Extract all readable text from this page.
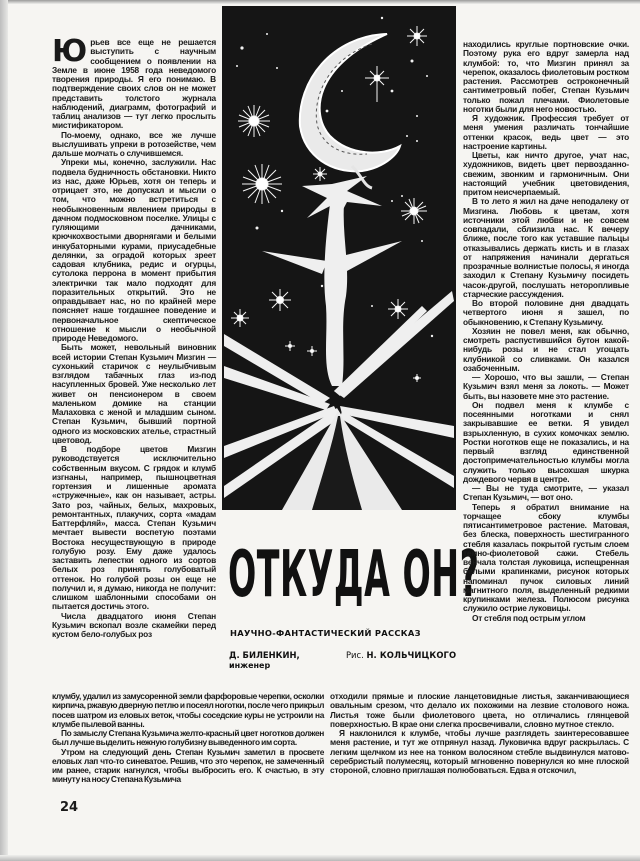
Юрьев все еще не решается выступить с научным сообщением о появлении на Земле в июне 1958 года неведомого творения природы. Я его понимаю. В подтверждение своих слов он не может представить толстого журнала наблюдений, диаграмм, фотографий и таблиц анализов — тут легко прослыть мистификатором.

По-моему, однако, все же лучше выслушивать упреки в ротозействе, чем дальше молчать о случившемся.

Упреки мы, конечно, заслужили. Нас подвела будничность обстановки. Никто из нас, даже Юрьев, хотя он теперь и отрицает это, не допускал и мысли о том, что можно встретиться с необыкновенным явлением природы в дачном подмосковном поселке. Улицы с гуляющими дачниками, крючкохвостыми дворнягами и белыми инкубаторными курами, приусадебные делянки, за оградой которых зреет садовая клубника, редис и огурцы, сутолока перрона в момент прибытия электрички так мало подходят для поразительных открытий. Это не оправдывает нас, но по крайней мере поясняет наше тогдашнее поведение и первоначальное скептическое отношение к мысли о необычной природе Неведомого.

Быть может, невольный виновник всей истории Степан Кузьмич Мизгин — сухонький старичок с неулыбчивым взглядом табачных глаз из-под насупленных бровей. Уже несколько лет живет он пенсионером в своем маленьком домике на станции Малаховка с женой и младшим сыном. Степан Кузьмич, бывший портной одного из московских ателье, страстный цветовод.

В подборе цветов Мизгин руководствуется исключительно собственным вкусом. С грядок и клумб изгнаны, например, пышноцветная гортензия и лишенные аромата «стружечные», как он называет, астры. Зато роз, чайных, белых, махровых, ремонтантных, плакучих, сорта «мадам Баттерфляй», масса. Степан Кузьмич мечтает вывести воспетую поэтами Востока несуществующую в природе голубую розу. Ему даже удалось заставить лепестки одного из сортов белых роз принять голубоватый оттенок. Но голубой розы он еще не получил и, я думаю, никогда не получит: слишком шаблонными способами он пытается достичь этого.

Числа двадцатого июня Степан Кузьмич вскопал возле скамейки перед кустом бело-голубых роз

ОТКУДА ОН?
НАУЧНО-ФАНТАСТИЧЕСКИЙ РАССКАЗ
Д. БИЛЕНКИН,
инженер
Рис. Н. КОЛЬЧИЦКОГО

находились круглые портновские очки. Поэтому рука его вдруг замерла над клумбой: то, что Мизгин принял за черепок, оказалось фиолетовым ростком растения. Рассмотрев остроконечный сантиметровый побег, Степан Кузьмич только пожал плечами. Фиолетовые ноготки были для него новостью.

Я художник. Профессия требует от меня умения различать тончайшие оттенки красок, ведь цвет — это настроение картины.

Цветы, как ничто другое, учат нас, художников, видеть цвет первозданно-свежим, звонким и гармоничным. Они настоящий учебник цветовидения, притом неисчерпаемый.

В то лето я жил на даче неподалеку от Мизгина. Любовь к цветам, хотя источники этой любви и не совсем совпадали, сблизила нас. К вечеру ближе, после того как уставшие пальцы отказывались держать кисть и в глазах от напряжения начинали дергаться прозрачные волнистые полосы, я иногда заходил к Степану Кузьмичу посидеть часок-другой, послушать неторопливые старческие рассуждения.

Во второй половине дня двадцать четвертого июня я зашел, по обыкновению, к Степану Кузьмичу.

Хозяин не повел меня, как обычно, смотреть распустившийся бутон какой-нибудь розы и не стал угощать клубникой со сливками. Он казался озабоченным.

— Хорошо, что вы зашли, — Степан Кузьмич взял меня за локоть. — Может быть, вы назовете мне это растение.

Он подвел меня к клумбе с посеянными ноготками и снял закрывавшие ее ветки. Я увидел взрыхленную, в сухих комочках землю. Ростки ноготков еще не показались, и на первый взгляд единственной достопримечательностью клумбы могла служить только высохшая шкурка дождевого червя в центре.

— Вы не туда смотрите, — указал Степан Кузьмич, — вот оно.

Теперь я обратил внимание на торчащее сбоку клумбы пятисантиметровое растение. Матовая, без блеска, поверхность шестигранного стебля казалась покрытой густым слоем темно-фиолетовой сажи. Стебель венчала толстая луковица, испещренная белыми крапинками, рисунок которых напоминал пучок силовых линий магнитного поля, выделенный редкими крупинками железа. Полюсом рисунка служило острие луковицы.

От стебля под острым углом

клумбу, удалил из замусоренной земли фарфоровые черепки, осколки кирпича, ржавую дверную петлю и посеял ноготки, после чего прикрыл посев шатром из еловых веток, чтобы соседские куры не устроили на клумбе пылевой ванны.

По замыслу Степана Кузьмича желто-красный цвет ноготков должен был лучше выделить нежную голубизну выведенного им сорта.

Утром на следующий день Степан Кузьмич заметил в просвете еловых лап что-то синеватое. Решив, что это черепок, не замеченный им ранее, старик нагнулся, чтобы выбросить его. К счастью, в эту минуту на носу Степана Кузьмича

отходили прямые и плоские ланцетовидные листья, заканчивающиеся овальным срезом, что делало их похожими на лезвие столового ножа. Листья тоже были фиолетового цвета, но отличались глянцевой поверхностью. В крае они слегка просвечивали, словно мутное стекло.

Я наклонился к клумбе, чтобы лучше разглядеть заинтересовавшее меня растение, и тут же отпрянул назад. Луковичка вдруг раскрылась. С легким щелчком из нее на тонком волосяном стебле выдвинулся матово-серебристый полумесяц, который мгновенно повернулся ко мне плоской стороной, словно приглашая полюбоваться. Едва я отскочил,

24
